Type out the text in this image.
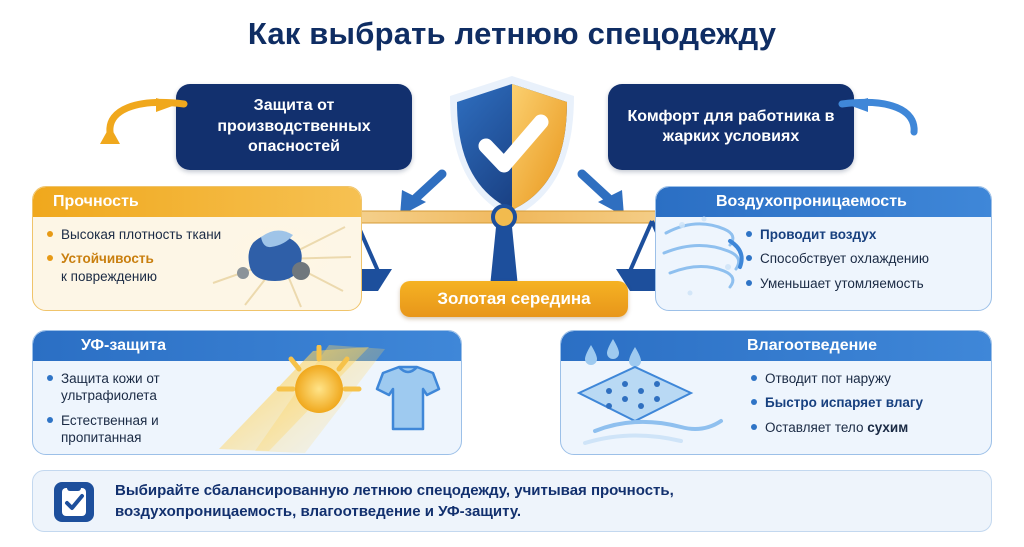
Как выбрать летнюю спецодежду
Защита от производственных опасностей
Комфорт для работника в жарких условиях
Золотая середина
Прочность
Высокая плотность ткани
Устойчивость
к повреждению
Воздухопроницаемость
Проводит воздух
Способствует охлаждению
Уменьшает утомляемость
УФ-защита
Защита кожи от ультрафиолета
Естественная и пропитанная
Влагоотведение
Отводит пот наружу
Быстро испаряет влагу
Оставляет тело сухим
Выбирайте сбалансированную летнюю спецодежду, учитывая прочность,
воздухопроницаемость, влагоотведение и УФ-защиту.
